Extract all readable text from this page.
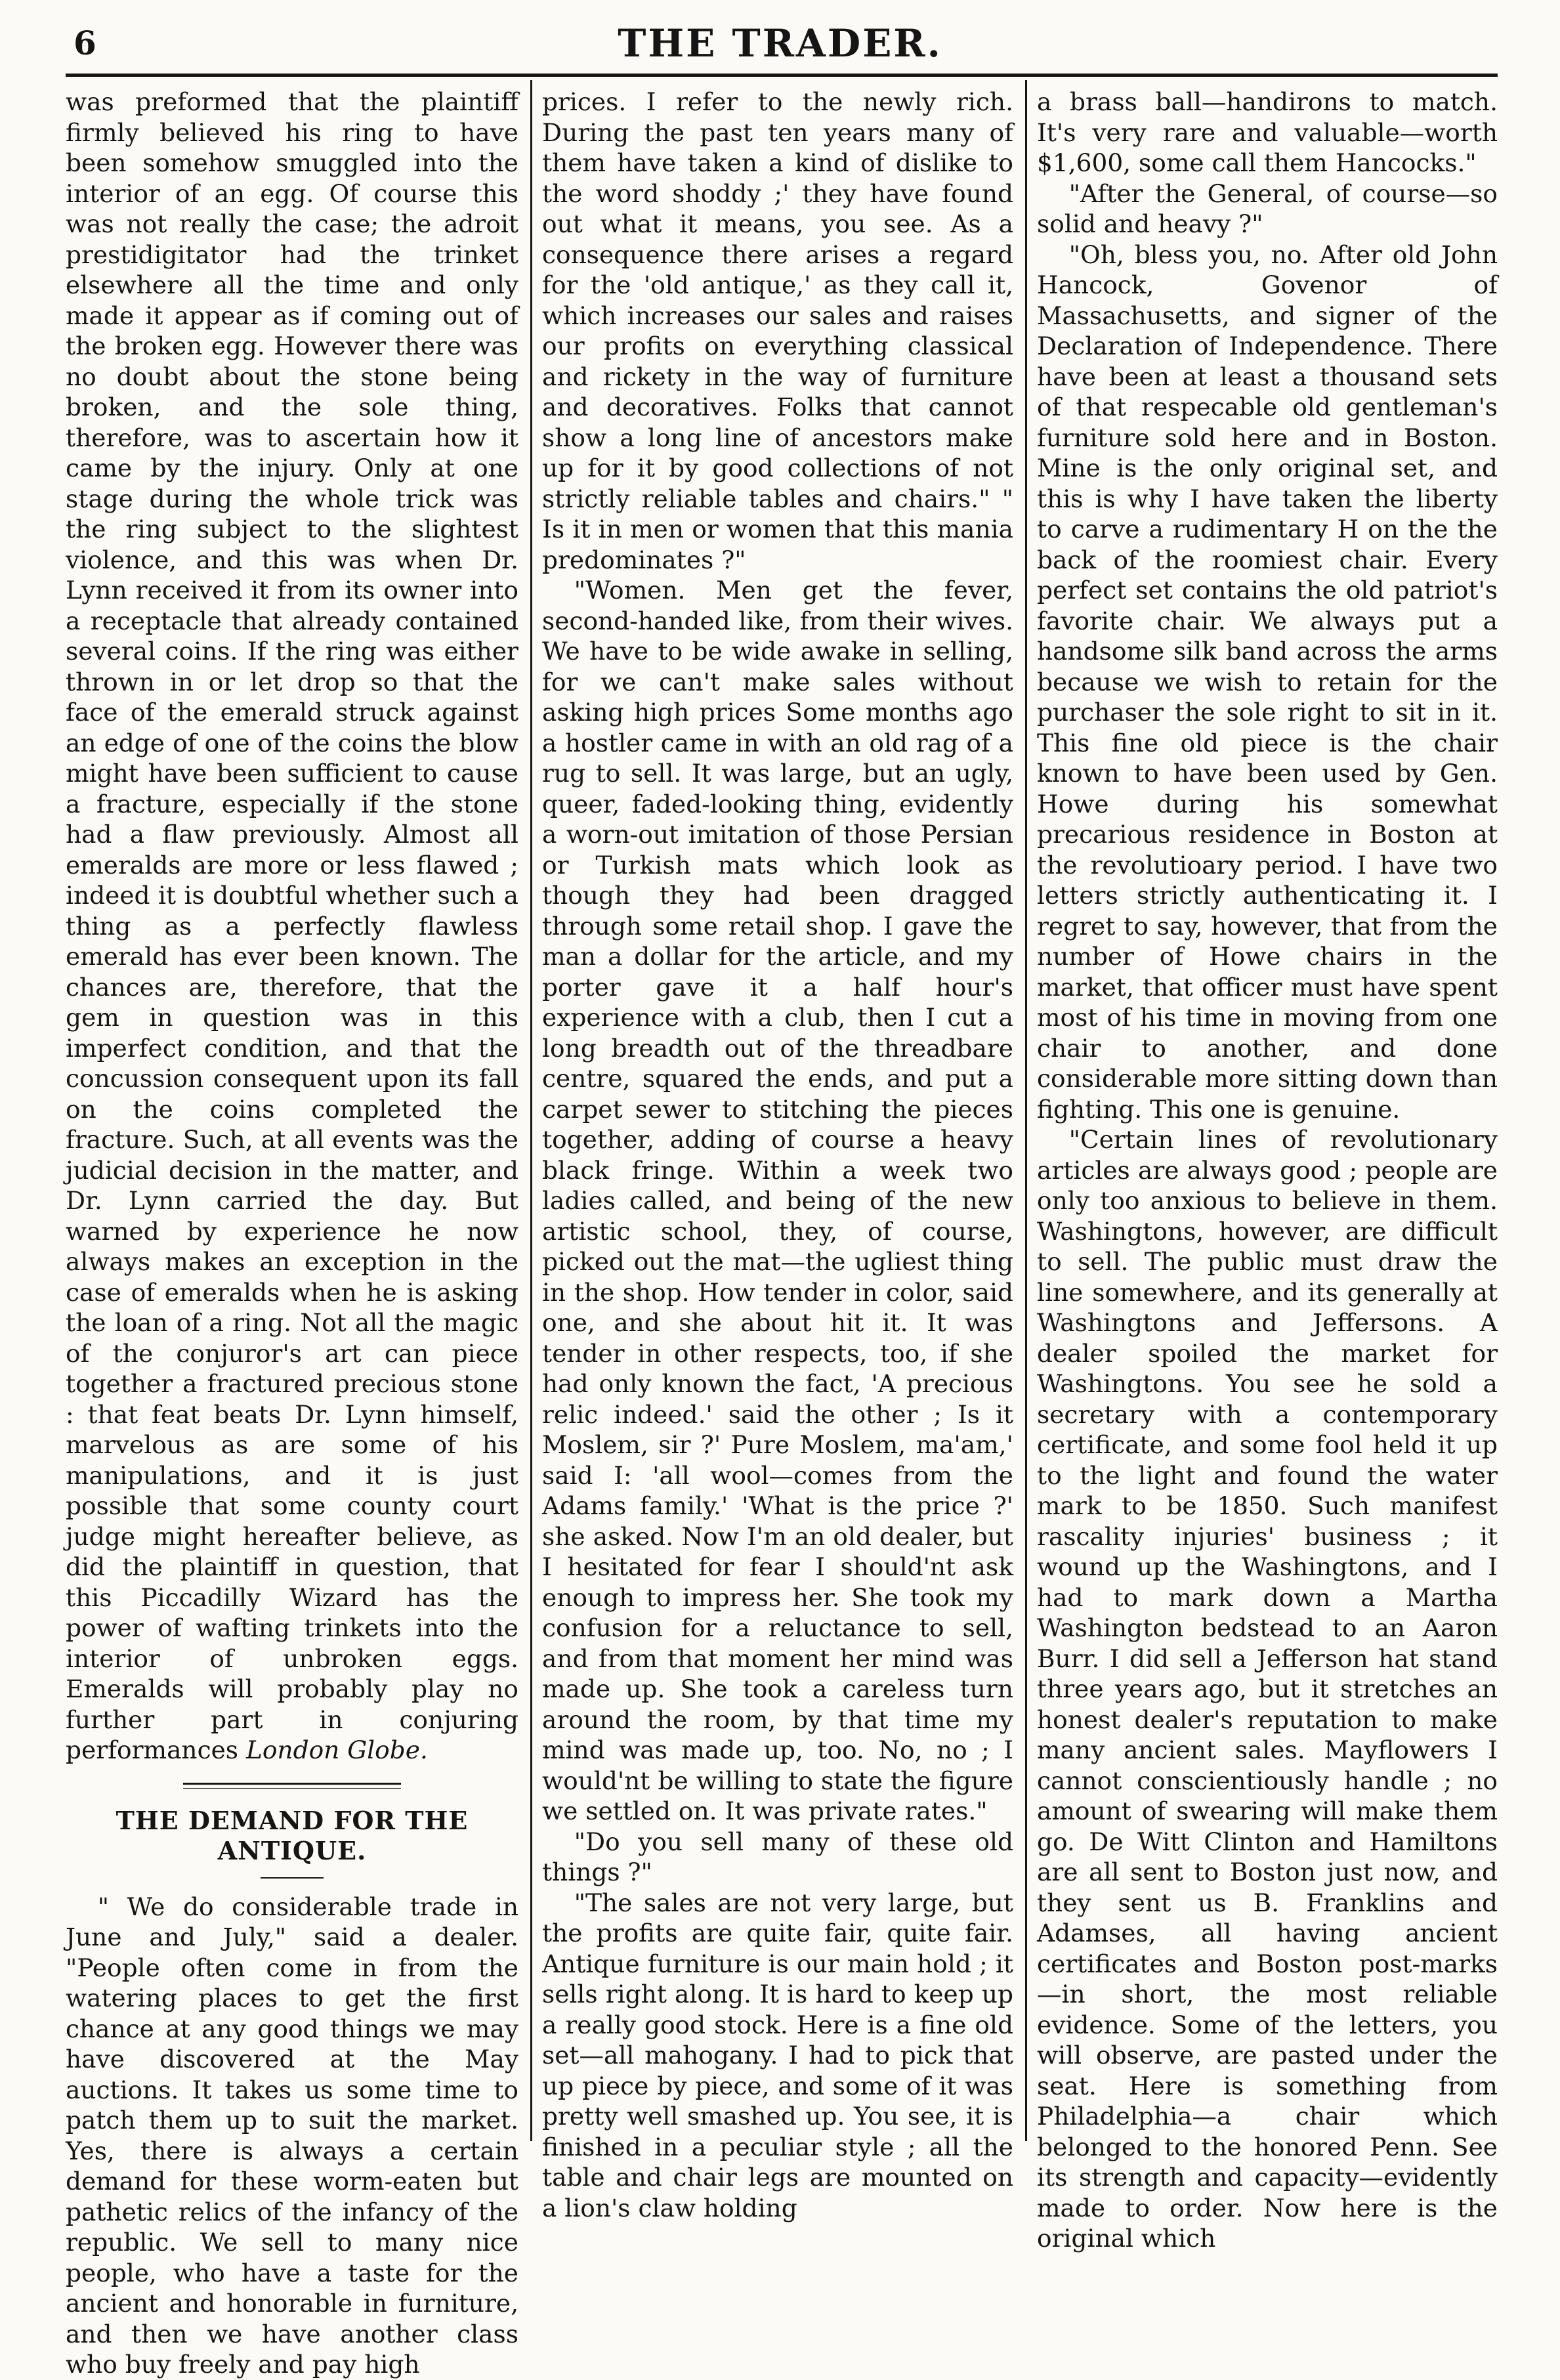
6	THE TRADER.

was preformed that the plaintiff firmly believed his ring to have been somehow smuggled into the interior of an egg. Of course this was not really the case; the adroit prestidigitator had the trinket elsewhere all the time and only made it appear as if coming out of the broken egg. However there was no doubt about the stone being broken, and the sole thing, therefore, was to ascertain how it came by the injury. Only at one stage during the whole trick was the ring subject to the slightest violence, and this was when Dr. Lynn received it from its owner into a receptacle that already contained several coins. If the ring was either thrown in or let drop so that the face of the emerald struck against an edge of one of the coins the blow might have been sufficient to cause a fracture, especially if the stone had a flaw previously. Almost all emeralds are more or less flawed ; indeed it is doubtful whether such a thing as a perfectly flawless emerald has ever been known. The chances are, therefore, that the gem in question was in this imperfect condition, and that the concussion consequent upon its fall on the coins completed the fracture. Such, at all events was the judicial decision in the matter, and Dr. Lynn carried the day. But warned by experience he now always makes an exception in the case of emeralds when he is asking the loan of a ring. Not all the magic of the conjuror's art can piece together a fractured precious stone : that feat beats Dr. Lynn himself, marvelous as are some of his manipulations, and it is just possible that some county court judge might hereafter believe, as did the plaintiff in question, that this Piccadilly Wizard has the power of wafting trinkets into the interior of unbroken eggs. Emeralds will probably play no further part in conjuring performances London Globe.

THE DEMAND FOR THE ANTIQUE.

" We do considerable trade in June and July," said a dealer. "People often come in from the watering places to get the first chance at any good things we may have discovered at the May auctions. It takes us some time to patch them up to suit the market. Yes, there is always a certain demand for these worm-eaten but pathetic relics of the infancy of the republic. We sell to many nice people, who have a taste for the ancient and honorable in furniture, and then we have another class who buy freely and pay high

prices. I refer to the newly rich. During the past ten years many of them have taken a kind of dislike to the word shoddy ;' they have found out what it means, you see. As a consequence there arises a regard for the 'old antique,' as they call it, which increases our sales and raises our profits on everything classical and rickety in the way of furniture and decoratives. Folks that cannot show a long line of ancestors make up for it by good collections of not strictly reliable tables and chairs." " Is it in men or women that this mania predominates ?"

"Women. Men get the fever, second-handed like, from their wives. We have to be wide awake in selling, for we can't make sales without asking high prices Some months ago a hostler came in with an old rag of a rug to sell. It was large, but an ugly, queer, faded-looking thing, evidently a worn-out imitation of those Persian or Turkish mats which look as though they had been dragged through some retail shop. I gave the man a dollar for the article, and my porter gave it a half hour's experience with a club, then I cut a long breadth out of the threadbare centre, squared the ends, and put a carpet sewer to stitching the pieces together, adding of course a heavy black fringe. Within a week two ladies called, and being of the new artistic school, they, of course, picked out the mat—the ugliest thing in the shop. How tender in color, said one, and she about hit it. It was tender in other respects, too, if she had only known the fact, 'A precious relic indeed.' said the other ; Is it Moslem, sir ?' Pure Moslem, ma'am,' said I: 'all wool—comes from the Adams family.' 'What is the price ?' she asked. Now I'm an old dealer, but I hesitated for fear I should'nt ask enough to impress her. She took my confusion for a reluctance to sell, and from that moment her mind was made up. She took a careless turn around the room, by that time my mind was made up, too. No, no ; I would'nt be willing to state the figure we settled on. It was private rates."

"Do you sell many of these old things ?"

"The sales are not very large, but the profits are quite fair, quite fair. Antique furniture is our main hold ; it sells right along. It is hard to keep up a really good stock. Here is a fine old set—all mahogany. I had to pick that up piece by piece, and some of it was pretty well smashed up. You see, it is finished in a peculiar style ; all the table and chair legs are mounted on a lion's claw holding

a brass ball—handirons to match. It's very rare and valuable—worth $1,600, some call them Hancocks."

"After the General, of course—so solid and heavy ?"

"Oh, bless you, no. After old John Hancock, Govenor of Massachusetts, and signer of the Declaration of Independence. There have been at least a thousand sets of that respecable old gentleman's furniture sold here and in Boston. Mine is the only original set, and this is why I have taken the liberty to carve a rudimentary H on the the back of the roomiest chair. Every perfect set contains the old patriot's favorite chair. We always put a handsome silk band across the arms because we wish to retain for the purchaser the sole right to sit in it. This fine old piece is the chair known to have been used by Gen. Howe during his somewhat precarious residence in Boston at the revolutioary period. I have two letters strictly authenticating it. I regret to say, however, that from the number of Howe chairs in the market, that officer must have spent most of his time in moving from one chair to another, and done considerable more sitting down than fighting. This one is genuine.

"Certain lines of revolutionary articles are always good ; people are only too anxious to believe in them. Washingtons, however, are difficult to sell. The public must draw the line somewhere, and its generally at Washingtons and Jeffersons. A dealer spoiled the market for Washingtons. You see he sold a secretary with a contemporary certificate, and some fool held it up to the light and found the water mark to be 1850. Such manifest rascality injuries' business ; it wound up the Washingtons, and I had to mark down a Martha Washington bedstead to an Aaron Burr. I did sell a Jefferson hat stand three years ago, but it stretches an honest dealer's reputation to make many ancient sales. Mayflowers I cannot conscientiously handle ; no amount of swearing will make them go. De Witt Clinton and Hamiltons are all sent to Boston just now, and they sent us B. Franklins and Adamses, all having ancient certificates and Boston post-marks —in short, the most reliable evidence. Some of the letters, you will observe, are pasted under the seat. Here is something from Philadelphia—a chair which belonged to the honored Penn. See its strength and capacity—evidently made to order. Now here is the original which
